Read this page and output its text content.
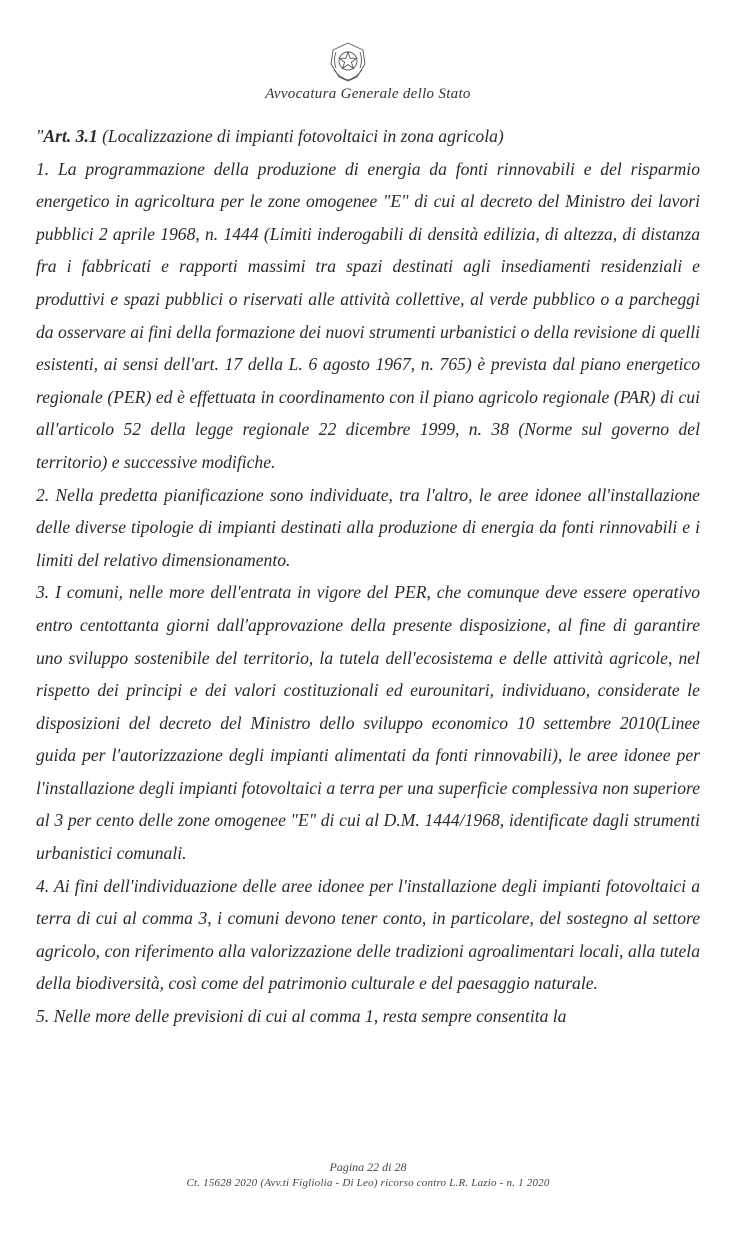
Avvocatura Generale dello Stato

"Art. 3.1 (Localizzazione di impianti fotovoltaici in zona agricola)

1. La programmazione della produzione di energia da fonti rinnovabili e del risparmio energetico in agricoltura per le zone omogenee "E" di cui al decreto del Ministro dei lavori pubblici 2 aprile 1968, n. 1444 (Limiti inderogabili di densità edilizia, di altezza, di distanza fra i fabbricati e rapporti massimi tra spazi destinati agli insediamenti residenziali e produttivi e spazi pubblici o riservati alle attività collettive, al verde pubblico o a parcheggi da osservare ai fini della formazione dei nuovi strumenti urbanistici o della revisione di quelli esistenti, ai sensi dell'art. 17 della L. 6 agosto 1967, n. 765) è prevista dal piano energetico regionale (PER) ed è effettuata in coordinamento con il piano agricolo regionale (PAR) di cui all'articolo 52 della legge regionale 22 dicembre 1999, n. 38 (Norme sul governo del territorio) e successive modifiche.

2. Nella predetta pianificazione sono individuate, tra l'altro, le aree idonee all'installazione delle diverse tipologie di impianti destinati alla produzione di energia da fonti rinnovabili e i limiti del relativo dimensionamento.

3. I comuni, nelle more dell'entrata in vigore del PER, che comunque deve essere operativo entro centottanta giorni dall'approvazione della presente disposizione, al fine di garantire uno sviluppo sostenibile del territorio, la tutela dell'ecosistema e delle attività agricole, nel rispetto dei principi e dei valori costituzionali ed eurounitari, individuano, considerate le disposizioni del decreto del Ministro dello sviluppo economico 10 settembre 2010(Linee guida per l'autorizzazione degli impianti alimentati da fonti rinnovabili), le aree idonee per l'installazione degli impianti fotovoltaici a terra per una superficie complessiva non superiore al 3 per cento delle zone omogenee "E" di cui al D.M. 1444/1968, identificate dagli strumenti urbanistici comunali.

4. Ai fini dell'individuazione delle aree idonee per l'installazione degli impianti fotovoltaici a terra di cui al comma 3, i comuni devono tener conto, in particolare, del sostegno al settore agricolo, con riferimento alla valorizzazione delle tradizioni agroalimentari locali, alla tutela della biodiversità, così come del patrimonio culturale e del paesaggio naturale.

5. Nelle more delle previsioni di cui al comma 1, resta sempre consentita la

Pagina 22 di 28
Ct. 15628 2020 (Avv.ti Figliolia - Di Leo) ricorso contro L.R. Lazio - n. 1 2020
